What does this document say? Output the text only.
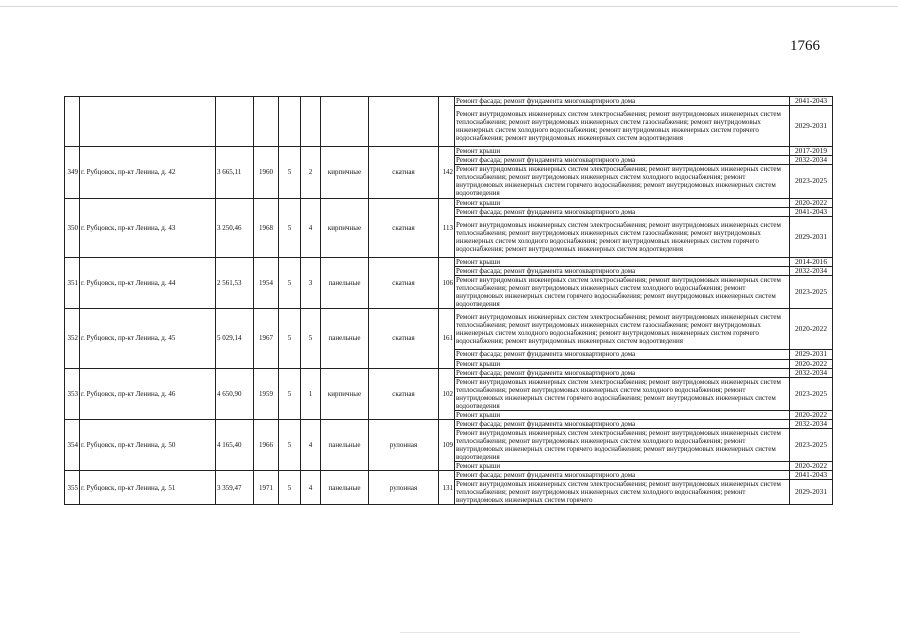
1766
									Ремонт фасада; ремонт фундамента многоквартирного дома	2041-2043
									Ремонт внутридомовых инженерных систем электроснабжения; ремонт внутридомовых инженерных систем теплоснабжения; ремонт внутридомовых инженерных систем газоснабжения; ремонт внутридомовых инженерных систем холодного водоснабжения; ремонт внутридомовых инженерных систем горячего водоснабжения; ремонт внутридомовых инженерных систем водоотведения	2029-2031
349	г. Рубцовск, пр-кт Ленина, д. 42	3 665,11	1960	5	2	кирпичные	скатная	142	Ремонт крыши	2017-2019
									Ремонт фасада; ремонт фундамента многоквартирного дома	2032-2034
									Ремонт внутридомовых инженерных систем электроснабжения; ремонт внутридомовых инженерных систем теплоснабжения; ремонт внутридомовых инженерных систем холодного водоснабжения; ремонт внутридомовых инженерных систем горячего водоснабжения; ремонт внутридомовых инженерных систем водоотведения	2023-2025
350	г. Рубцовск, пр-кт Ленина, д. 43	3 250,46	1968	5	4	кирпичные	скатная	113	Ремонт крыши	2020-2022
									Ремонт фасада; ремонт фундамента многоквартирного дома	2041-2043
									Ремонт внутридомовых инженерных систем электроснабжения; ремонт внутридомовых инженерных систем теплоснабжения; ремонт внутридомовых инженерных систем газоснабжения; ремонт внутридомовых инженерных систем холодного водоснабжения; ремонт внутридомовых инженерных систем горячего водоснабжения; ремонт внутридомовых инженерных систем водоотведения	2029-2031
351	г. Рубцовск, пр-кт Ленина, д. 44	2 561,53	1954	5	3	панельные	скатная	106	Ремонт крыши	2014-2016
									Ремонт фасада; ремонт фундамента многоквартирного дома	2032-2034
									Ремонт внутридомовых инженерных систем электроснабжения; ремонт внутридомовых инженерных систем теплоснабжения; ремонт внутридомовых инженерных систем холодного водоснабжения; ремонт внутридомовых инженерных систем горячего водоснабжения; ремонт внутридомовых инженерных систем водоотведения	2023-2025
352	г. Рубцовск, пр-кт Ленина, д. 45	5 029,14	1967	5	5	панельные	скатная	161	Ремонт внутридомовых инженерных систем электроснабжения; ремонт внутридомовых инженерных систем теплоснабжения; ремонт внутридомовых инженерных систем газоснабжения; ремонт внутридомовых инженерных систем холодного водоснабжения; ремонт внутридомовых инженерных систем горячего водоснабжения; ремонт внутридомовых инженерных систем водоотведения	2020-2022
									Ремонт фасада; ремонт фундамента многоквартирного дома	2029-2031
									Ремонт крыши	2020-2022
353	г. Рубцовск, пр-кт Ленина, д. 46	4 650,90	1959	5	1	кирпичные	скатная	102	Ремонт фасада; ремонт фундамента многоквартирного дома	2032-2034
									Ремонт внутридомовых инженерных систем электроснабжения; ремонт внутридомовых инженерных систем теплоснабжения; ремонт внутридомовых инженерных систем холодного водоснабжения; ремонт внутридомовых инженерных систем горячего водоснабжения; ремонт внутридомовых инженерных систем водоотведения	2023-2025
									Ремонт крыши	2020-2022
354	г. Рубцовск, пр-кт Ленина, д. 50	4 165,40	1966	5	4	панельные	рулонная	109	Ремонт фасада; ремонт фундамента многоквартирного дома	2032-2034
									Ремонт внутридомовых инженерных систем электроснабжения; ремонт внутридомовых инженерных систем теплоснабжения; ремонт внутридомовых инженерных систем холодного водоснабжения; ремонт внутридомовых инженерных систем горячего водоснабжения; ремонт внутридомовых инженерных систем водоотведения	2023-2025
									Ремонт крыши	2020-2022
355	г. Рубцовск, пр-кт Ленина, д. 51	3 359,47	1971	5	4	панельные	рулонная	131	Ремонт фасада; ремонт фундамента многоквартирного дома	2041-2043
									Ремонт внутридомовых инженерных систем электроснабжения; ремонт внутридомовых инженерных систем теплоснабжения; ремонт внутридомовых инженерных систем холодного водоснабжения; ремонт внутридомовых инженерных систем горячего	2029-2031
